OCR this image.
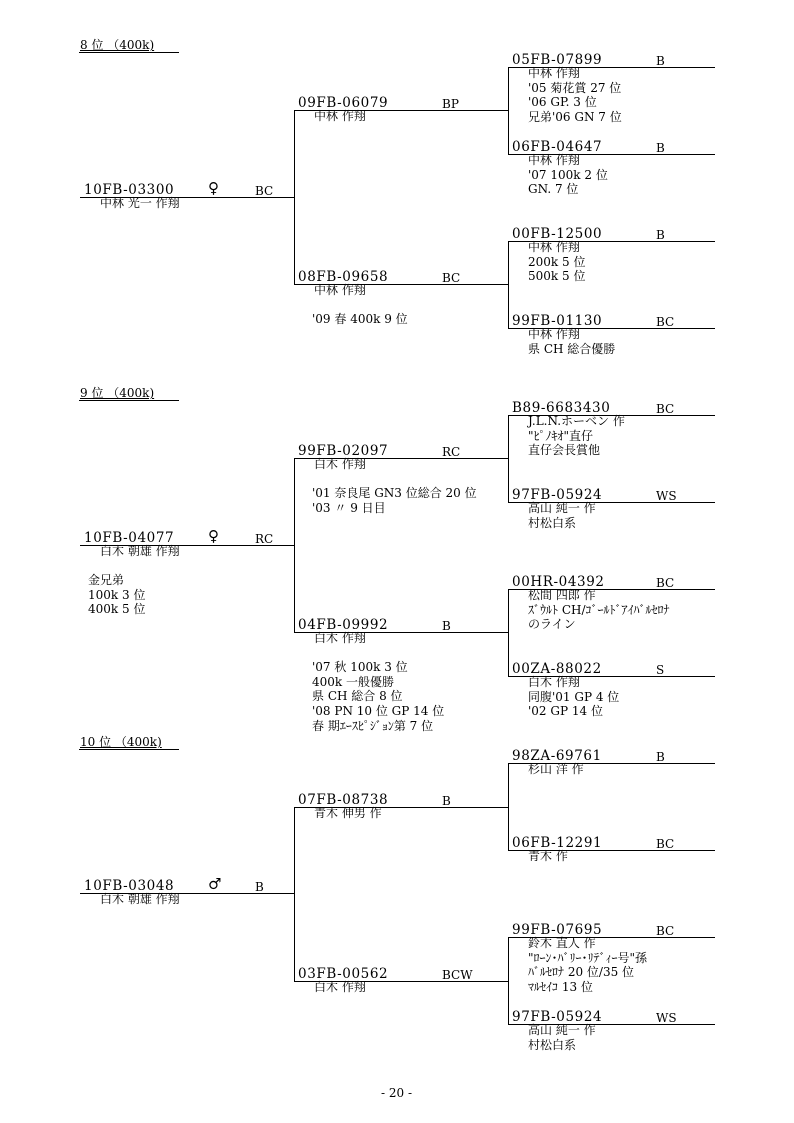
8 位 （400k)
10FB-03300	BC
♀
中林 光一 作翔
09FB-06079	BP
中林 作翔
08FB-09658	BC
中林 作翔
'09 春 400k 9 位
05FB-07899	B
中林 作翔
'05 菊花賞 27 位
'06 GP. 3 位
兄弟'06 GN 7 位
06FB-04647	B
中林 作翔
'07 100k 2 位
GN. 7 位
00FB-12500	B
中林 作翔
200k 5 位
500k 5 位
99FB-01130	BC
中林 作翔
県 CH 総合優勝
9 位 （400k)
10FB-04077	RC
♀
白木 朝雄 作翔
金兄弟
100k 3 位
400k 5 位
99FB-02097	RC
白木 作翔
'01 奈良尾 GN3 位総合 20 位
'03 〃 9 日目
04FB-09992	B
白木 作翔
'07 秋 100k 3 位
400k 一般優勝
県 CH 総合 8 位
'08 PN 10 位 GP 14 位
春 期ｴｰｽﾋﾟｼﾞｮﾝ第 7 位
B89-6683430	BC
J.L.N.ホーベン 作
"ﾋﾟﾉｷｵ"直仔
直仔会長賞他
97FB-05924	WS
高山 純一 作
村松白系
00HR-04392	BC
松間 四郎 作
ｽﾞｳﾙﾄ CH/ｺﾞｰﾙﾄﾞｱｲﾊﾞﾙｾﾛﾅ
のライン
00ZA-88022	S
白木 作翔
同腹'01 GP 4 位
'02 GP 14 位
10 位 （400k)
10FB-03048	B
♂
白木 朝雄 作翔
07FB-08738	B
青木 伸男 作
03FB-00562	BCW
白木 作翔
98ZA-69761	B
杉山 洋 作
06FB-12291	BC
青木 作
99FB-07695	BC
鈴木 直人 作
"ﾛｰﾝ･ﾊﾞﾘｰ･ﾘﾃﾞｨｰ号"孫
ﾊﾞﾙｾﾛﾅ 20 位/35 位
ﾏﾙｾｲｺ 13 位
97FB-05924	WS
高山 純一 作
村松白系
- 20 -
